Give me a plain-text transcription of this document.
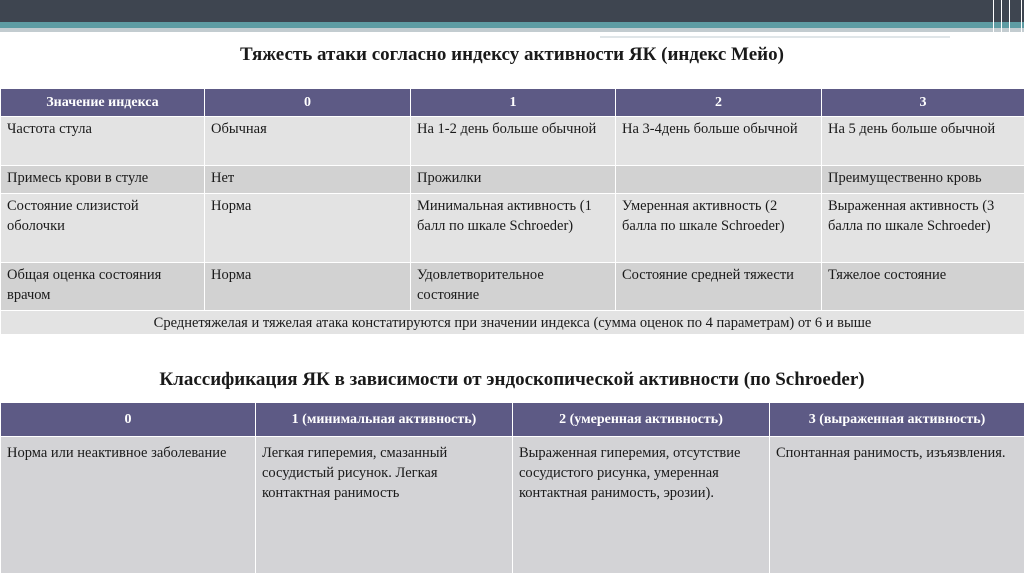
Тяжесть атаки согласно индексу активности ЯК (индекс Мейо)
Значение индекса	0	1	2	3
Частота стула	Обычная	На 1-2 день больше обычной	На 3-4день больше обычной	На 5 день больше обычной
Примесь крови в стуле	Нет	Прожилки		Преимущественно кровь
Состояние слизистой оболочки	Норма	Минимальная активность (1 балл по шкале Schroeder)	Умеренная активность (2 балла по шкале Schroeder)	Выраженная активность (3 балла по шкале Schroeder)
Общая оценка состояния врачом	Норма	Удовлетворительное состояние	Состояние средней тяжести	Тяжелое состояние
Среднетяжелая и тяжелая атака констатируются при значении индекса (сумма оценок по 4 параметрам) от 6 и выше				
Классификация ЯК в зависимости от эндоскопической активности (по Schroeder)
0	1 (минимальная активность)	2 (умеренная активность)	3 (выраженная активность)
Норма или неактивное заболевание	Легкая гиперемия, смазанный сосудистый рисунок. Легкая контактная ранимость	Выраженная гиперемия, отсутствие сосудистого рисунка, умеренная контактная ранимость, эрозии).	Спонтанная ранимость, изъязвления.
